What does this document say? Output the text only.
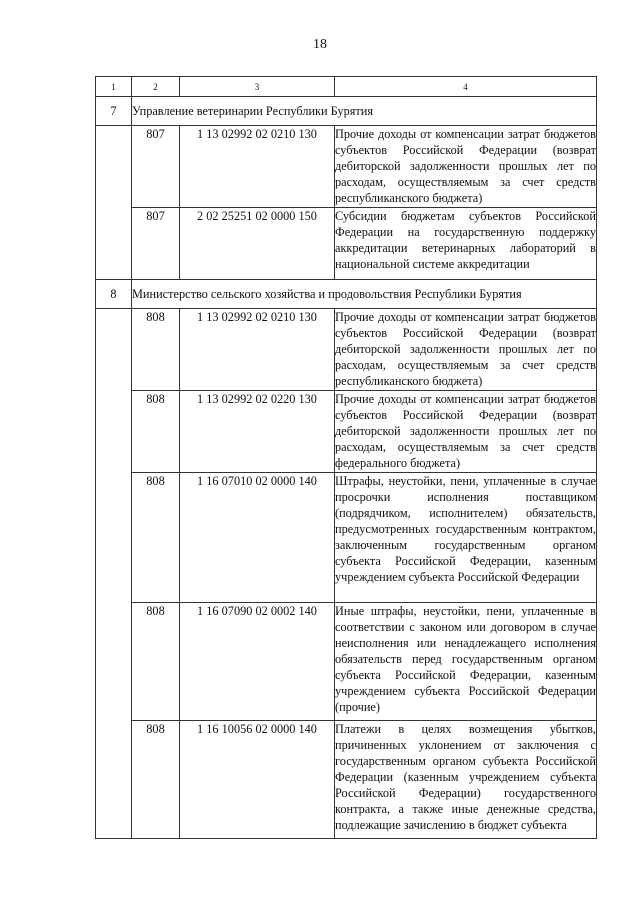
18
1	2	3	4
7	Управление ветеринарии Республики Бурятия		
	807	1 13 02992 02 0210 130	Прочие доходы от компенсации затрат бюджетов субъектов Российской Федерации (возврат дебиторской задолженности прошлых лет по расходам, осуществляемым за счет средств республиканского бюджета)
	807	2 02 25251 02 0000 150	Субсидии бюджетам субъектов Российской Федерации на государственную поддержку аккредитации ветеринарных лабораторий в национальной системе аккредитации
8	Министерство сельского хозяйства и продовольствия Республики Бурятия		
	808	1 13 02992 02 0210 130	Прочие доходы от компенсации затрат бюджетов субъектов Российской Федерации (возврат дебиторской задолженности прошлых лет по расходам, осуществляемым за счет средств республиканского бюджета)
	808	1 13 02992 02 0220 130	Прочие доходы от компенсации затрат бюджетов субъектов Российской Федерации (возврат дебиторской задолженности прошлых лет по расходам, осуществляемым за счет средств федерального бюджета)
	808	1 16 07010 02 0000 140	Штрафы, неустойки, пени, уплаченные в случае просрочки исполнения поставщиком (подрядчиком, исполнителем) обязательств, предусмотренных государственным контрактом, заключенным государственным органом субъекта Российской Федерации, казенным учреждением субъекта Российской Федерации
	808	1 16 07090 02 0002 140	Иные штрафы, неустойки, пени, уплаченные в соответствии с законом или договором в случае неисполнения или ненадлежащего исполнения обязательств перед государственным органом субъекта Российской Федерации, казенным учреждением субъекта Российской Федерации (прочие)
	808	1 16 10056 02 0000 140	Платежи в целях возмещения убытков, причиненных уклонением от заключения с государственным органом субъекта Российской Федерации (казенным учреждением субъекта Российской Федерации) государственного контракта, а также иные денежные средства, подлежащие зачислению в бюджет субъекта
